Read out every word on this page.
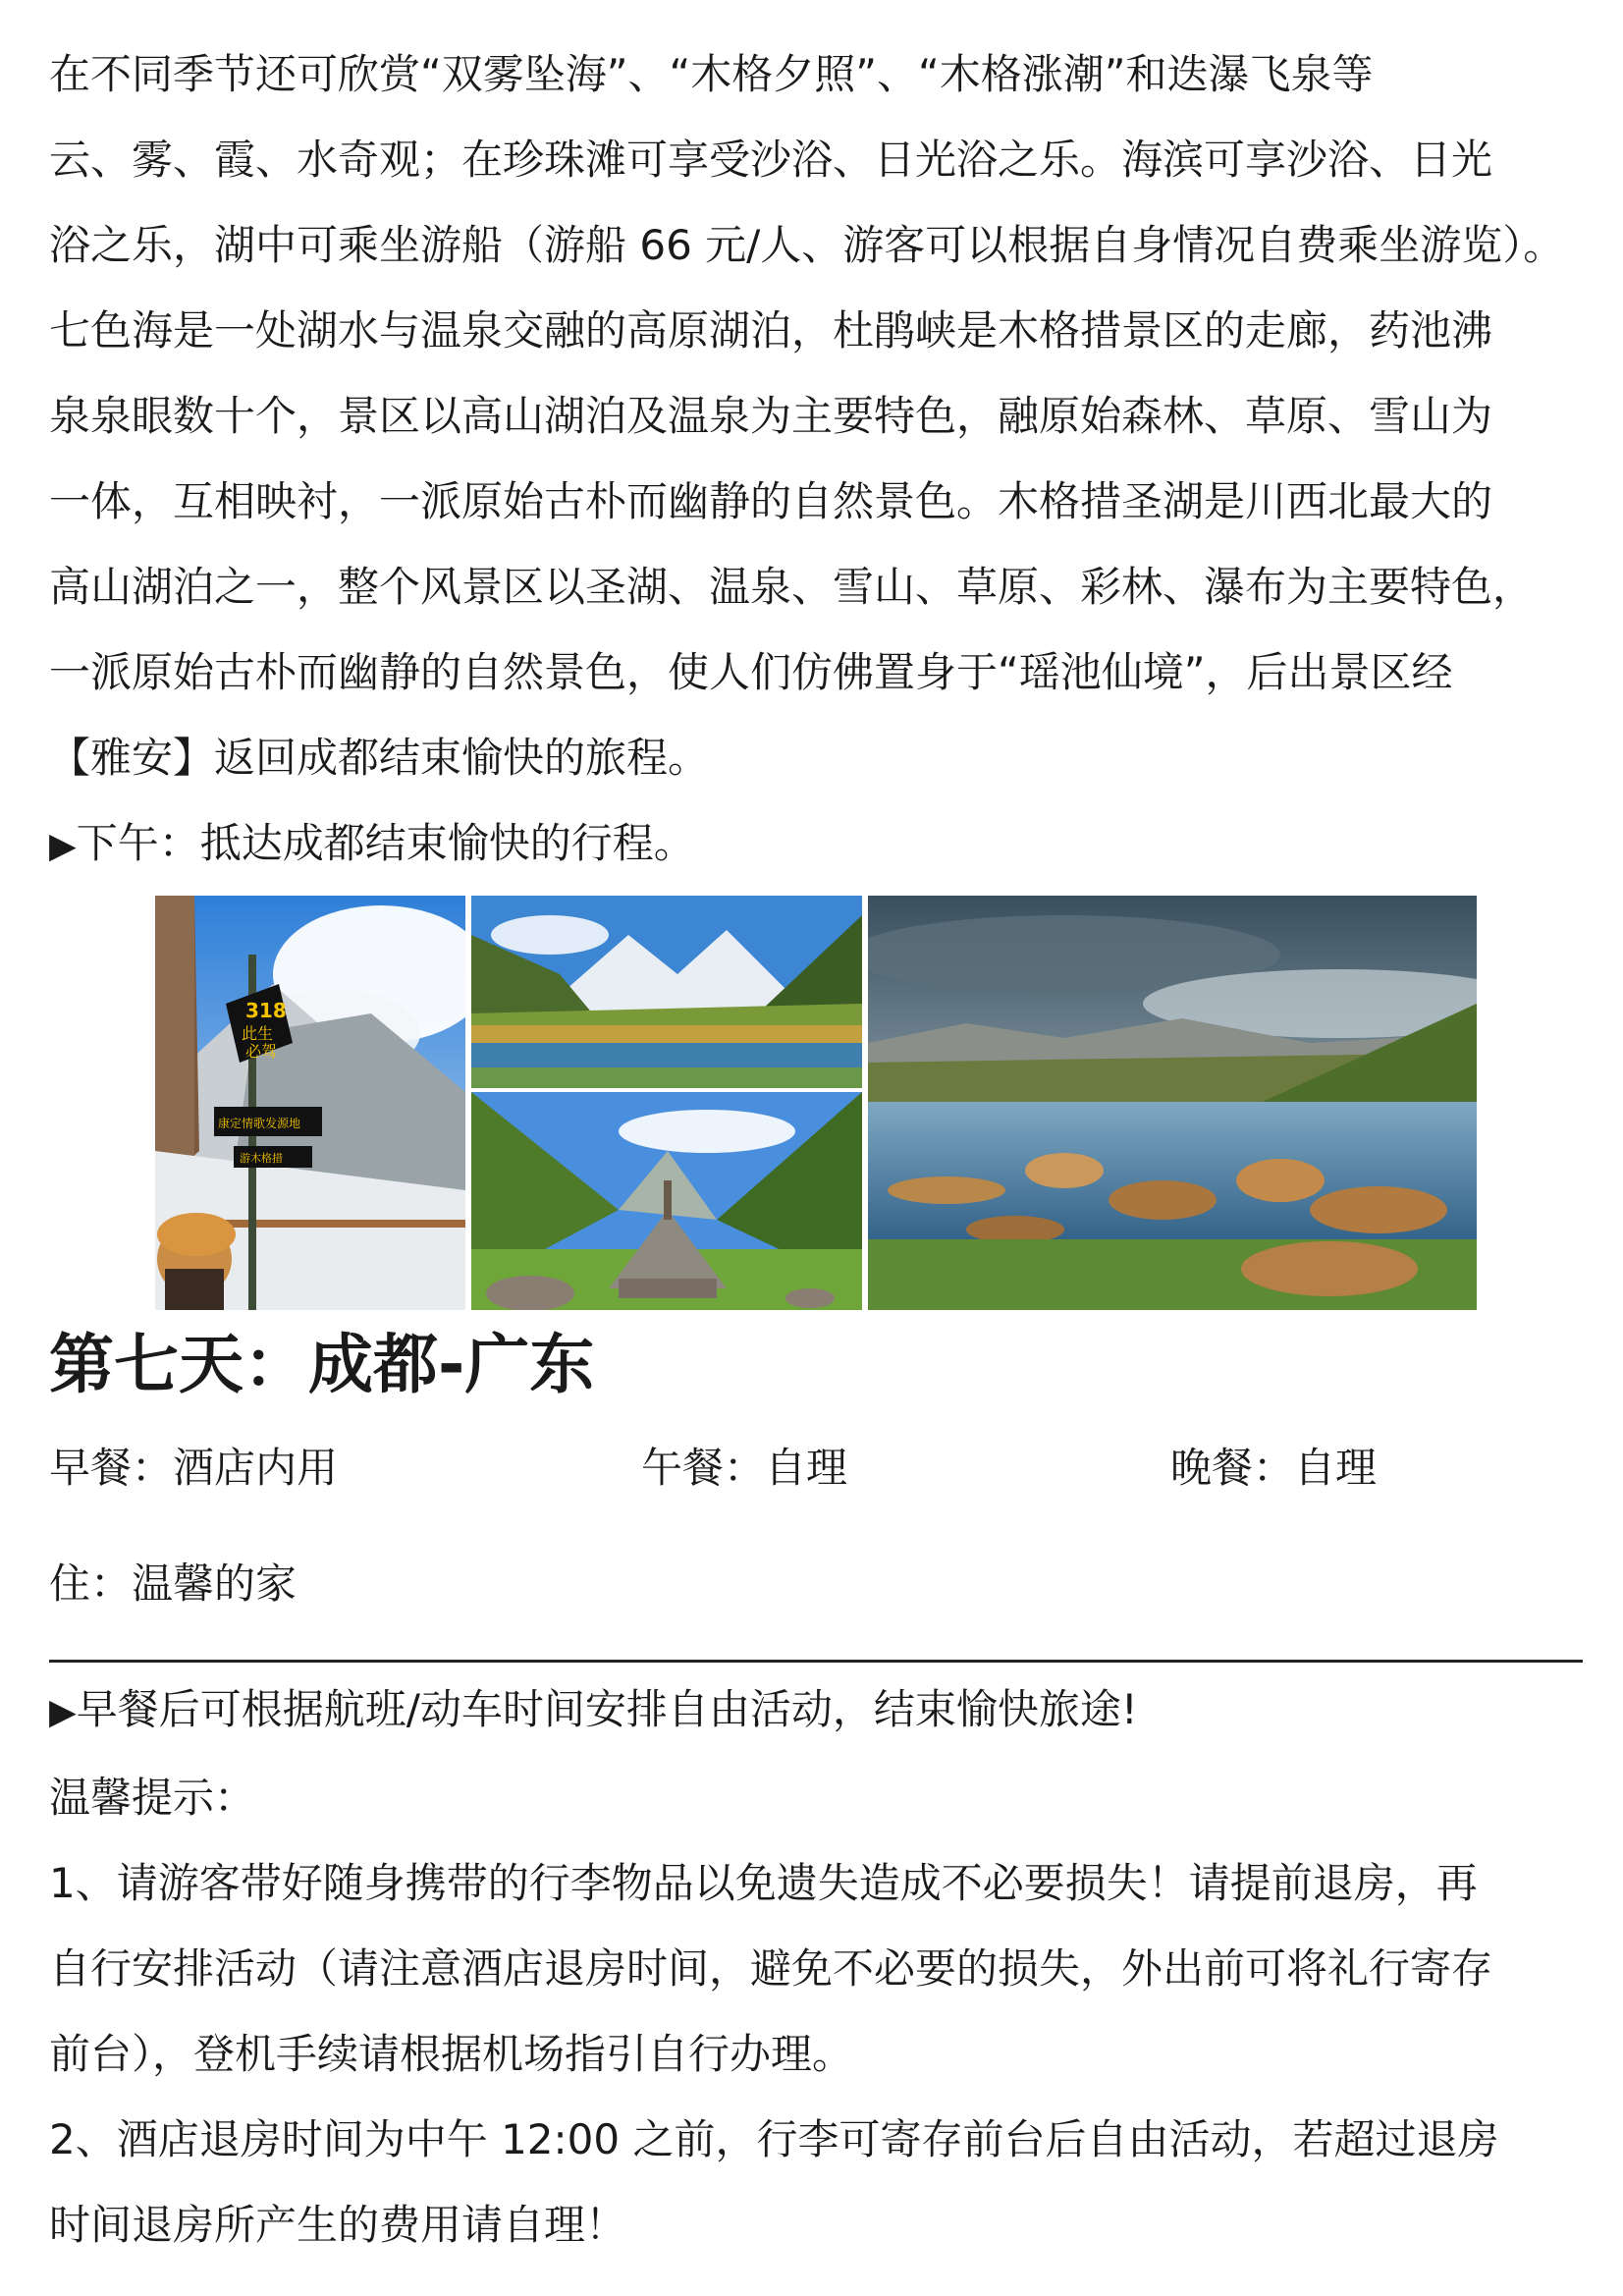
在不同季节还可欣赏“双雾坠海”、“木格夕照”、“木格涨潮”和迭瀑飞泉等

云、雾、霞、水奇观；在珍珠滩可享受沙浴、日光浴之乐。海滨可享沙浴、日光

浴之乐，湖中可乘坐游船（游船 66 元/人、游客可以根据自身情况自费乘坐游览）。

七色海是一处湖水与温泉交融的高原湖泊，杜鹃峡是木格措景区的走廊，药池沸

泉泉眼数十个，景区以高山湖泊及温泉为主要特色，融原始森林、草原、雪山为

一体，互相映衬，一派原始古朴而幽静的自然景色。木格措圣湖是川西北最大的

高山湖泊之一，整个风景区以圣湖、温泉、雪山、草原、彩林、瀑布为主要特色，

一派原始古朴而幽静的自然景色，使人们仿佛置身于“瑶池仙境”，后出景区经

【雅安】返回成都结束愉快的旅程。

▶下午：抵达成都结束愉快的行程。

318
此生
必驾
康定情歌发源地
游木格措
第七天：成都-广东
早餐：酒店内用	午餐：自理	晚餐：自理
住：温馨的家

▶早餐后可根据航班/动车时间安排自由活动，结束愉快旅途!

温馨提示：

1、请游客带好随身携带的行李物品以免遗失造成不必要损失！请提前退房，再

自行安排活动（请注意酒店退房时间，避免不必要的损失，外出前可将礼行寄存

前台），登机手续请根据机场指引自行办理。

2、酒店退房时间为中午 12:00 之前，行李可寄存前台后自由活动，若超过退房

时间退房所产生的费用请自理！
